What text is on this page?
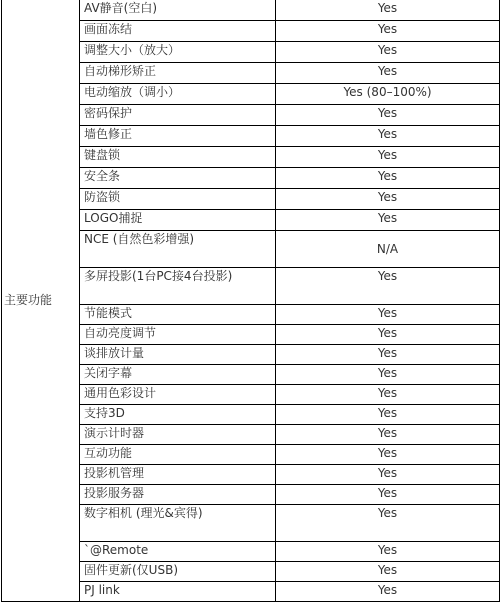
主要功能	AV静音(空白)	Yes
	画面冻结	Yes
	调整大小（放大）	Yes
	自动梯形矫正	Yes
	电动缩放（调小）	Yes (80–100%)
	密码保护	Yes
	墙色修正	Yes
	键盘锁	Yes
	安全条	Yes
	防盗锁	Yes
	LOGO捕捉	Yes
	NCE (自然色彩增强)	N/A
	多屏投影(1台PC接4台投影)	Yes
	节能模式	Yes
	自动亮度调节	Yes
	谈排放计量	Yes
	关闭字幕	Yes
	通用色彩设计	Yes
	支持3D	Yes
	演示计时器	Yes
	互动功能	Yes
	投影机管理	Yes
	投影服务器	Yes
	数字相机 (理光&宾得)	Yes
	`@Remote	Yes
	固件更新(仅USB)	Yes
	PJ link	Yes
